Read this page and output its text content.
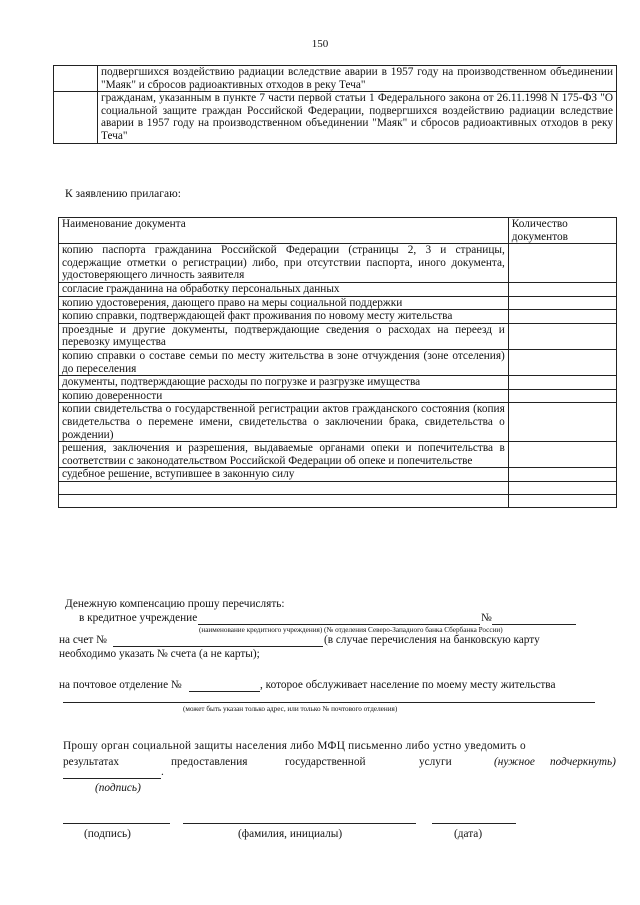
150
	подвергшихся воздействию радиации вследствие аварии в 1957 году на производственном объединении "Маяк" и сбросов радиоактивных отходов в реку Теча"
	гражданам, указанным в пункте 7 части первой статьи 1 Федерального закона от 26.11.1998 N 175-ФЗ "О социальной защите граждан Российской Федерации, подвергшихся воздействию радиации вследствие аварии в 1957 году на производственном объединении "Маяк" и сбросов радиоактивных отходов в реку Теча"
К заявлению прилагаю:
Наименование документа	Количество документов
копию паспорта гражданина Российской Федерации (страницы 2, 3 и страницы, содержащие отметки о регистрации) либо, при отсутствии паспорта, иного документа, удостоверяющего личность заявителя	
согласие гражданина на обработку персональных данных	
копию удостоверения, дающего право на меры социальной поддержки	
копию справки, подтверждающей факт проживания по новому месту жительства	
проездные и другие документы, подтверждающие сведения о расходах на переезд и перевозку имущества	
копию справки о составе семьи по месту жительства в зоне отчуждения (зоне отселения) до переселения	
документы, подтверждающие расходы по погрузке и разгрузке имущества	
копию доверенности	
копии свидетельства о государственной регистрации актов гражданского состояния (копия свидетельства о перемене имени, свидетельства о заключении брака, свидетельства о рождении)	
решения, заключения и разрешения, выдаваемые органами опеки и попечительства в соответствии с законодательством Российской Федерации об опеке и попечительстве	
судебное решение, вступившее в законную силу	

Денежную компенсацию прошу перечислять:
в кредитное учреждение	№
(наименование кредитного учреждения) (№ отделения Северо-Западного банка Сбербанка России)
на счет №	(в случае перечисления на банковскую карту
необходимо указать № счета (а не карты);
на почтовое отделение №	, которое обслуживает население по моему месту жительства
(может быть указан только адрес, или только № почтового отделения)
Прошу орган социальной защиты населения либо МФЦ письменно либо устно уведомить о
результатах	предоставления	государственной	услуги	(нужное подчеркнуть)
.
(подпись)
(подпись)	(фамилия, инициалы)	(дата)
